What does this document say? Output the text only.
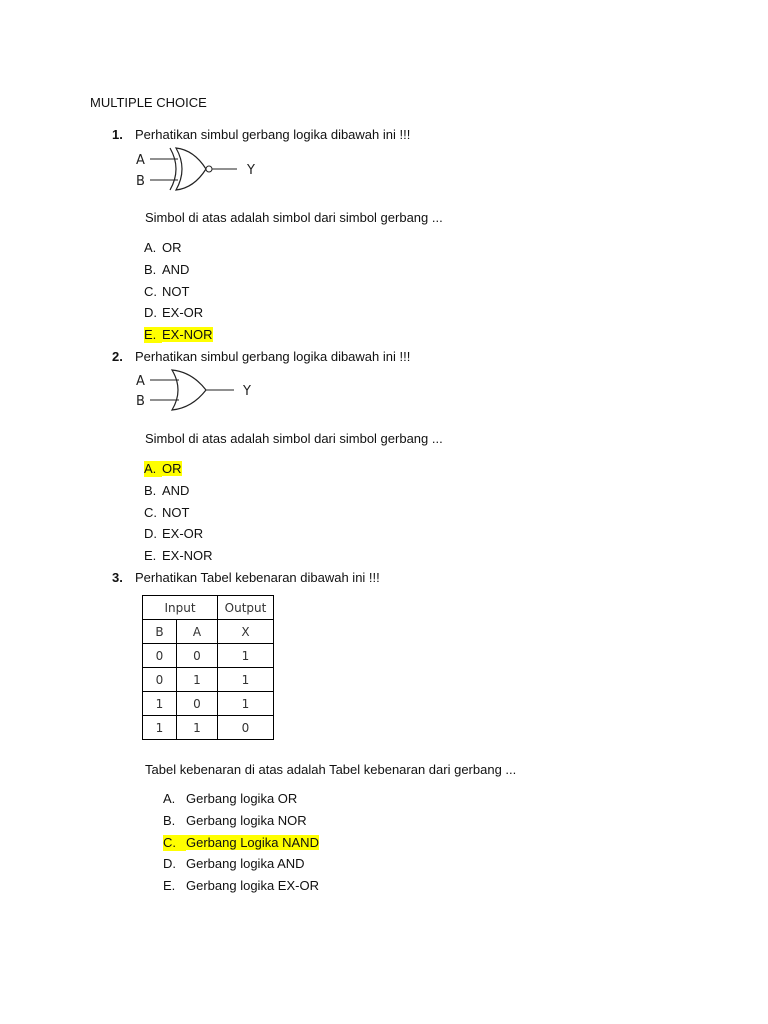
MULTIPLE CHOICE
1. Perhatikan simbul gerbang logika dibawah ini !!!
A
B
Y
Simbol di atas adalah simbol dari simbol gerbang ...
A. OR
B. AND
C. NOT
D. EX-OR
E. EX-NOR
2. Perhatikan simbul gerbang logika dibawah ini !!!
A
B
Y
Simbol di atas adalah simbol dari simbol gerbang ...
A. OR
B. AND
C. NOT
D. EX-OR
E. EX-NOR
3. Perhatikan Tabel kebenaran dibawah ini !!!
Input		Output
B	A	X
0	0	1
0	1	1
1	0	1
1	1	0
Tabel kebenaran di atas adalah Tabel kebenaran dari gerbang ...
A. Gerbang logika OR
B. Gerbang logika NOR
C. Gerbang Logika NAND
D. Gerbang logika AND
E. Gerbang logika EX-OR
